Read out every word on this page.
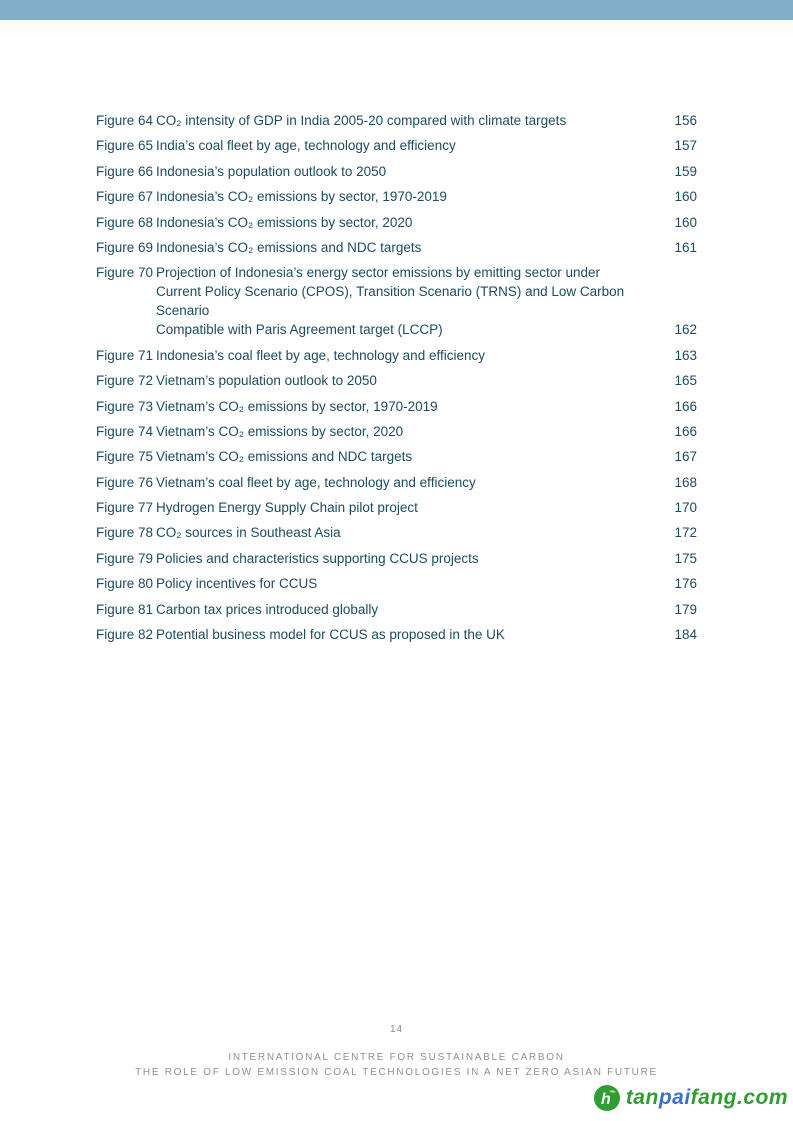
Figure 64 CO₂ intensity of GDP in India 2005-20 compared with climate targets	156
Figure 65 India’s coal fleet by age, technology and efficiency	157
Figure 66 Indonesia’s population outlook to 2050	159
Figure 67 Indonesia’s CO₂ emissions by sector, 1970-2019	160
Figure 68 Indonesia’s CO₂ emissions by sector, 2020	160
Figure 69 Indonesia’s CO₂ emissions and NDC targets	161
Figure 70 Projection of Indonesia’s energy sector emissions by emitting sector under
Current Policy Scenario (CPOS), Transition Scenario (TRNS) and Low Carbon Scenario
Compatible with Paris Agreement target (LCCP)	162
Figure 71 Indonesia’s coal fleet by age, technology and efficiency	163
Figure 72 Vietnam’s population outlook to 2050	165
Figure 73 Vietnam’s CO₂ emissions by sector, 1970-2019	166
Figure 74 Vietnam’s CO₂ emissions by sector, 2020	166
Figure 75 Vietnam’s CO₂ emissions and NDC targets	167
Figure 76 Vietnam’s coal fleet by age, technology and efficiency	168
Figure 77 Hydrogen Energy Supply Chain pilot project	170
Figure 78 CO₂ sources in Southeast Asia	172
Figure 79 Policies and characteristics supporting CCUS projects	175
Figure 80 Policy incentives for CCUS	176
Figure 81 Carbon tax prices introduced globally	179
Figure 82 Potential business model for CCUS as proposed in the UK	184
14
INTERNATIONAL CENTRE FOR SUSTAINABLE CARBON
THE ROLE OF LOW EMISSION COAL TECHNOLOGIES IN A NET ZERO ASIAN FUTURE
h tanpaifang.com
